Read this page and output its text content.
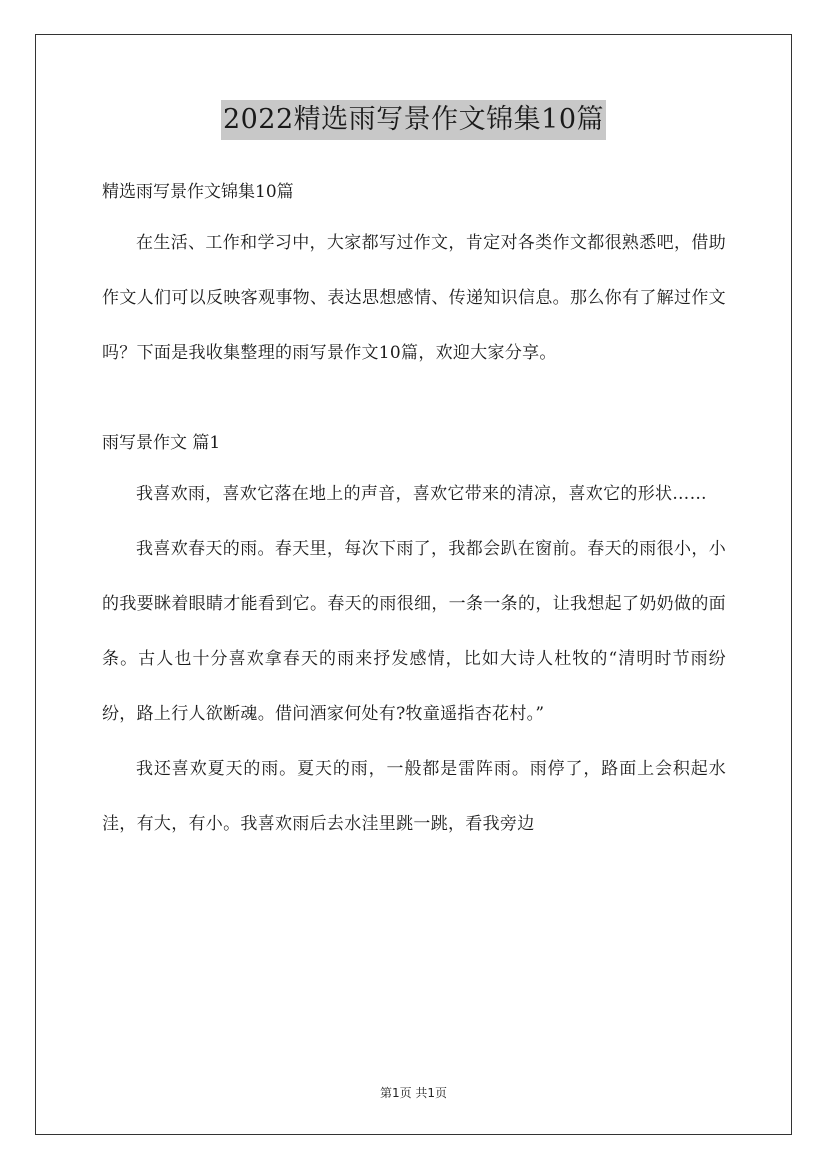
2022精选雨写景作文锦集10篇
精选雨写景作文锦集10篇

在生活、工作和学习中，大家都写过作文，肯定对各类作文都很熟悉吧，借助作文人们可以反映客观事物、表达思想感情、传递知识信息。那么你有了解过作文吗？下面是我收集整理的雨写景作文10篇，欢迎大家分享。

雨写景作文 篇1

我喜欢雨，喜欢它落在地上的声音，喜欢它带来的清凉，喜欢它的形状……

我喜欢春天的雨。春天里，每次下雨了，我都会趴在窗前。春天的雨很小，小的我要眯着眼睛才能看到它。春天的雨很细，一条一条的，让我想起了奶奶做的面条。古人也十分喜欢拿春天的雨来抒发感情，比如大诗人杜牧的“清明时节雨纷纷，路上行人欲断魂。借问酒家何处有?牧童遥指杏花村。”

我还喜欢夏天的雨。夏天的雨，一般都是雷阵雨。雨停了，路面上会积起水洼，有大，有小。我喜欢雨后去水洼里跳一跳，看我旁边

第1页 共1页
